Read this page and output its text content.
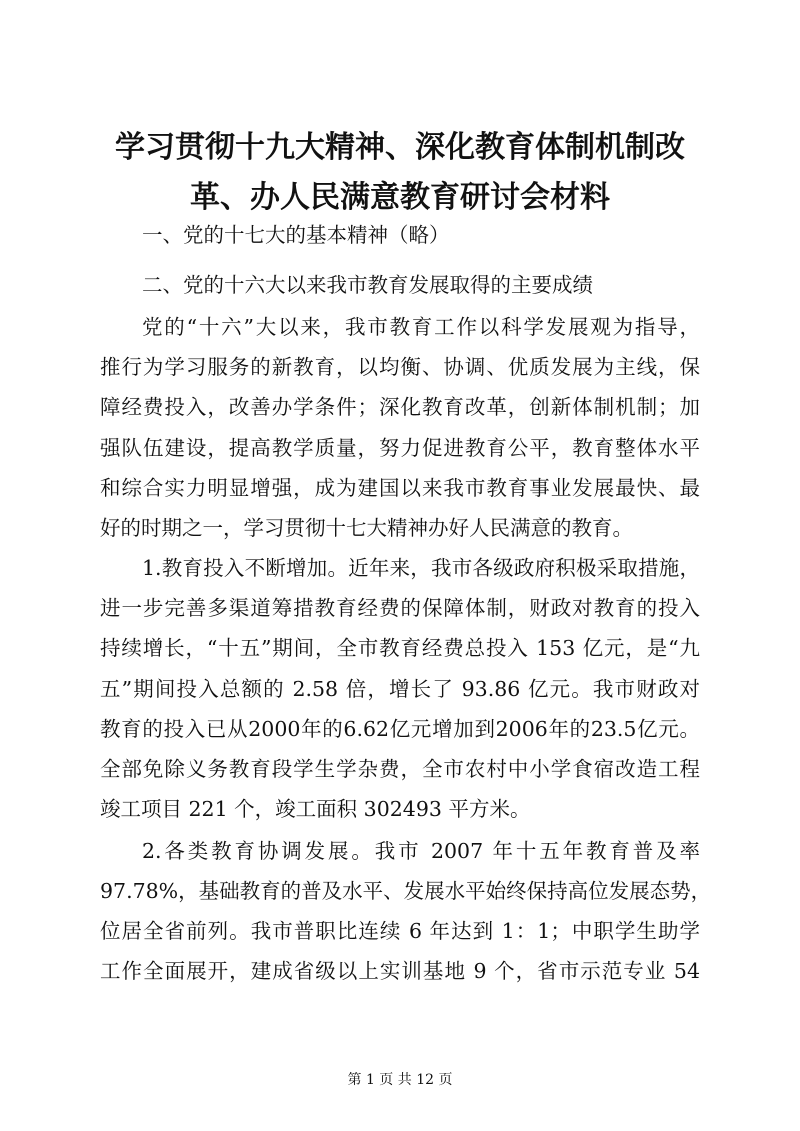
学习贯彻十九大精神、深化教育体制机制改
革、办人民满意教育研讨会材料
一、党的十七大的基本精神（略）
二、党的十六大以来我市教育发展取得的主要成绩
党的“十六”大以来，我市教育工作以科学发展观为指导，
推行为学习服务的新教育，以均衡、协调、优质发展为主线，保
障经费投入，改善办学条件；深化教育改革，创新体制机制；加
强队伍建设，提高教学质量，努力促进教育公平，教育整体水平
和综合实力明显增强，成为建国以来我市教育事业发展最快、最
好的时期之一，学习贯彻十七大精神办好人民满意的教育。
1.教育投入不断增加。近年来，我市各级政府积极采取措施，
进一步完善多渠道筹措教育经费的保障体制，财政对教育的投入
持续增长，“十五”期间，全市教育经费总投入 153 亿元，是“九
五”期间投入总额的 2.58 倍，增长了 93.86 亿元。我市财政对
教育的投入已从2000年的6.62亿元增加到2006年的23.5亿元。
全部免除义务教育段学生学杂费，全市农村中小学食宿改造工程
竣工项目 221 个，竣工面积 302493 平方米。
2.各类教育协调发展。我市 2007 年十五年教育普及率
97.78%，基础教育的普及水平、发展水平始终保持高位发展态势，
位居全省前列。我市普职比连续 6 年达到 1：1；中职学生助学
工作全面展开，建成省级以上实训基地 9 个，省市示范专业 54
第 1 页 共 12 页
